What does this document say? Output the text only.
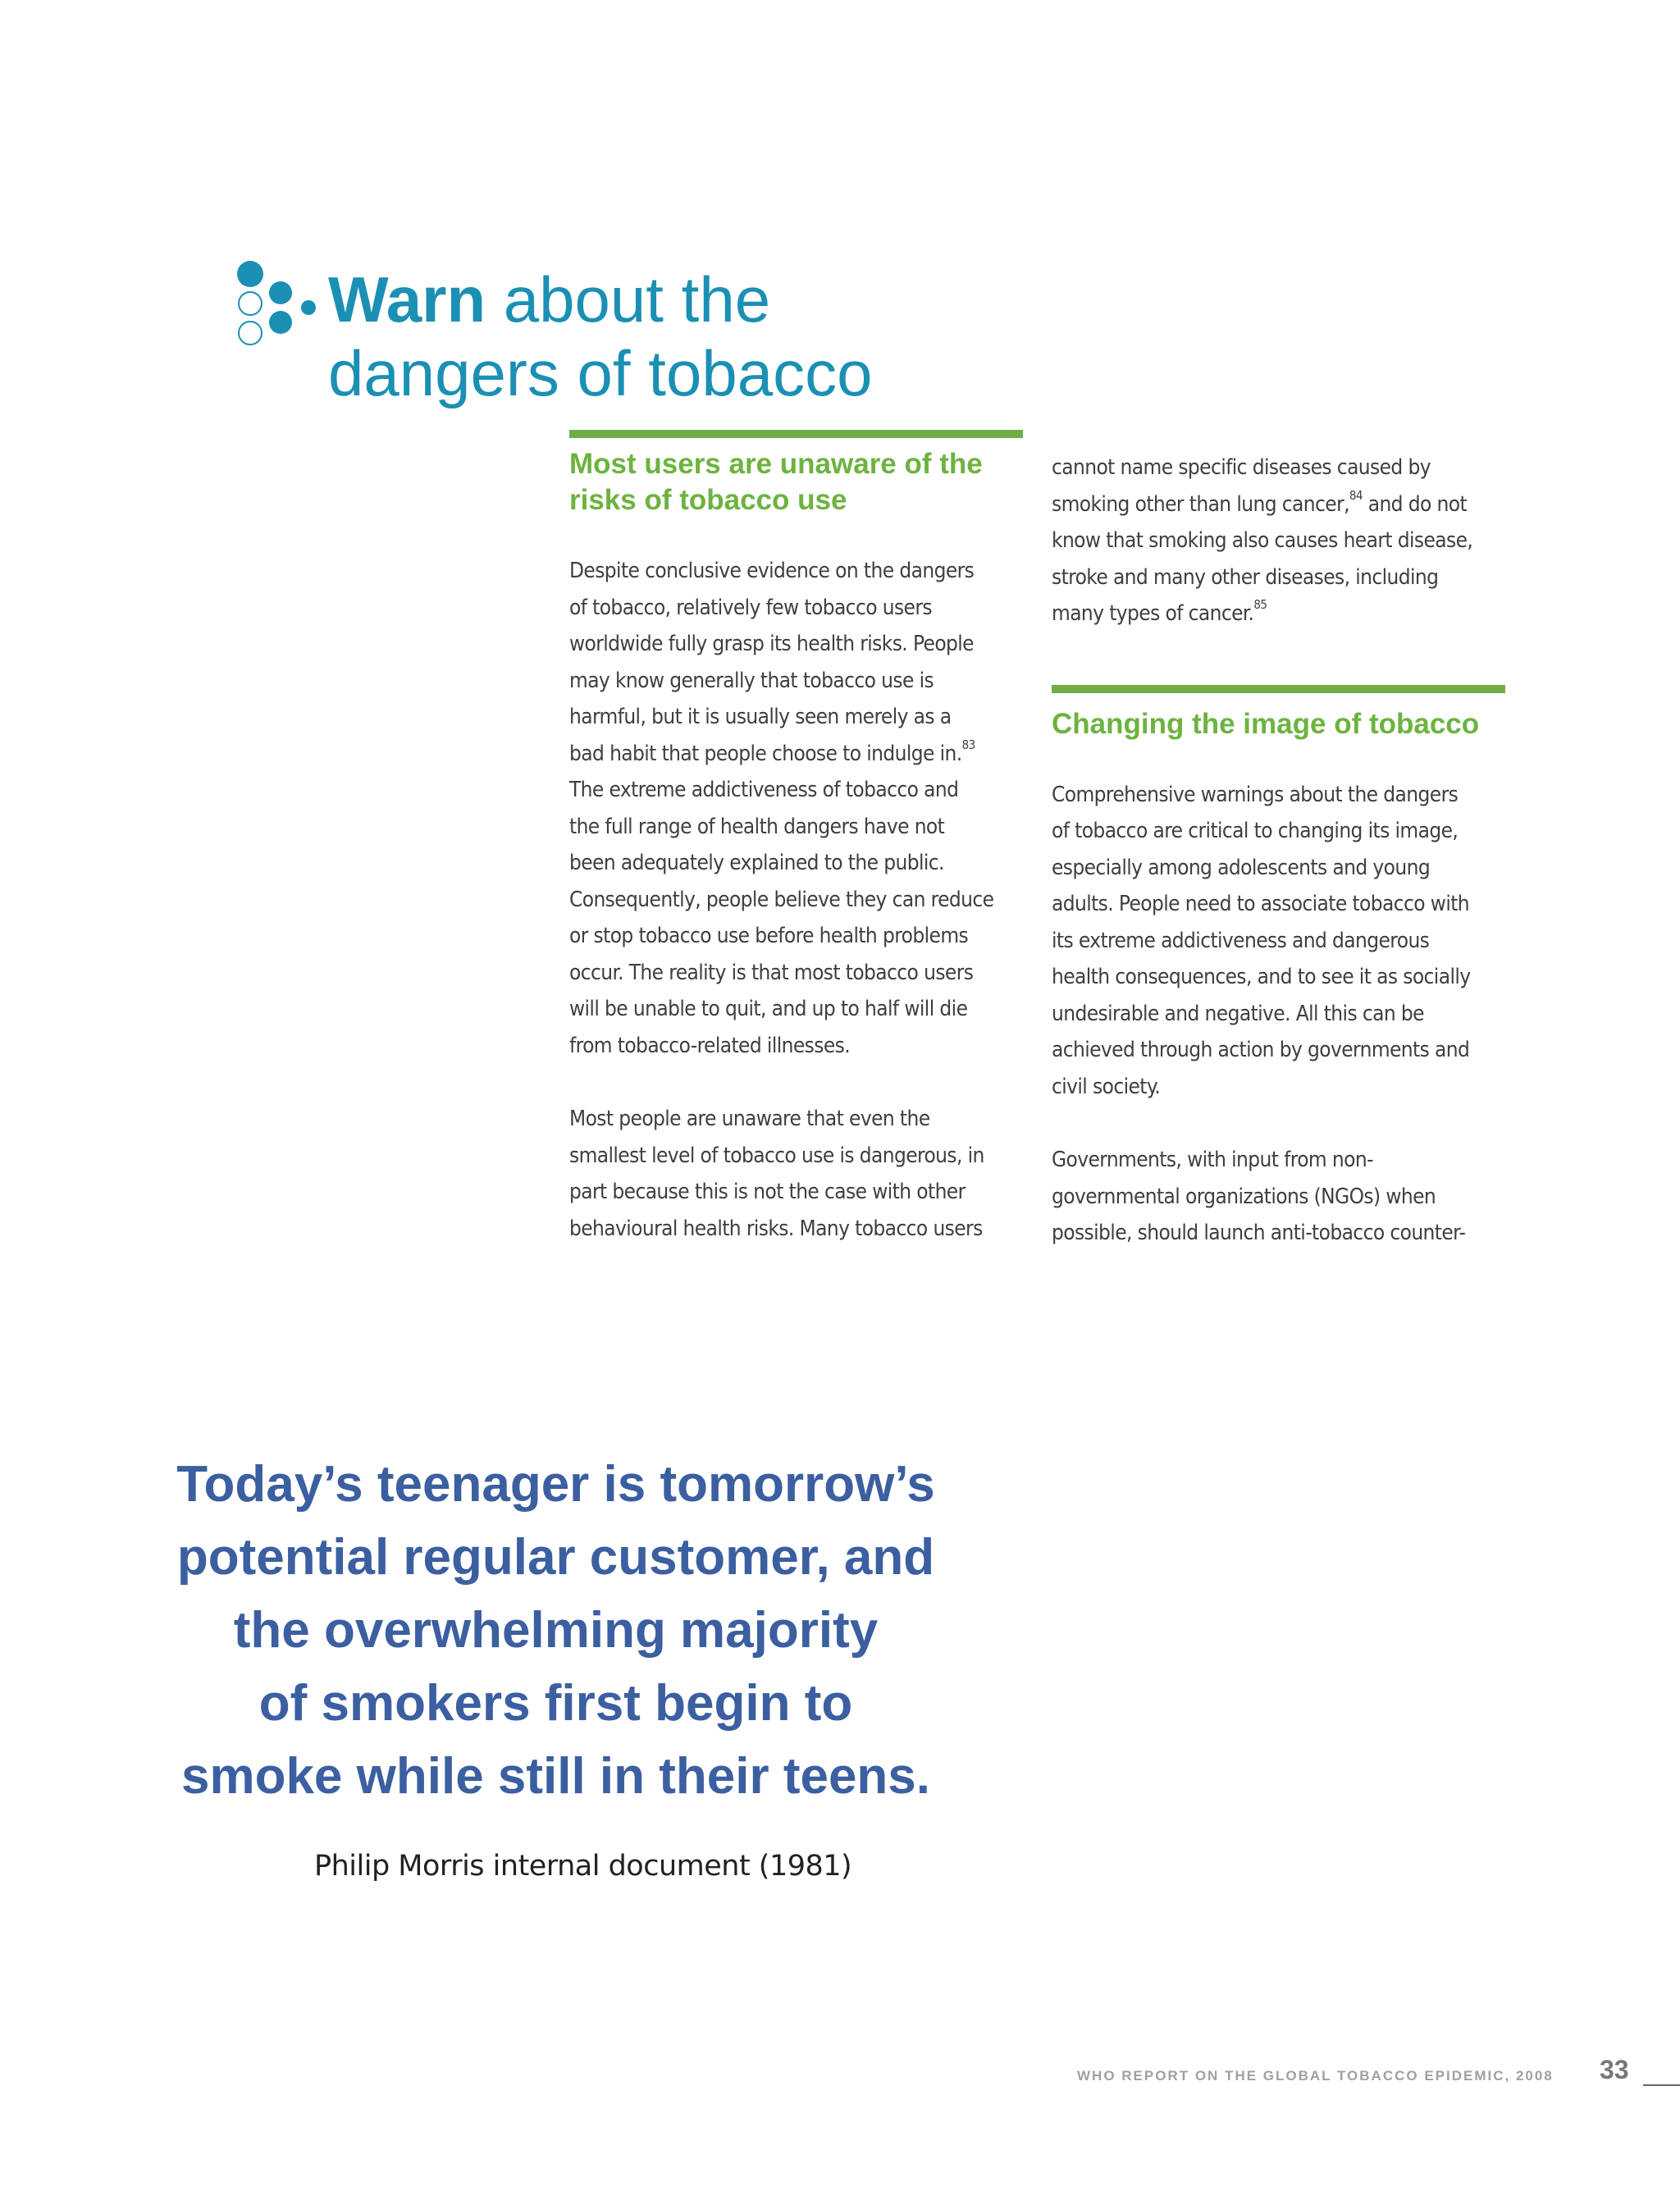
Warn about the
dangers of tobacco
Most users are unaware of the
risks of tobacco use

Despite conclusive evidence on the dangers

of tobacco, relatively few tobacco users

worldwide fully grasp its health risks. People

may know generally that tobacco use is

harmful, but it is usually seen merely as a

bad habit that people choose to indulge in.$^{83}$

The extreme addictiveness of tobacco and

the full range of health dangers have not

been adequately explained to the public.

Consequently, people believe they can reduce

or stop tobacco use before health problems

occur. The reality is that most tobacco users

will be unable to quit, and up to half will die

from tobacco-related illnesses.

Most people are unaware that even the

smallest level of tobacco use is dangerous, in

part because this is not the case with other

behavioural health risks. Many tobacco users

cannot name specific diseases caused by

smoking other than lung cancer,$^{84}$ and do not

know that smoking also causes heart disease,

stroke and many other diseases, including

many types of cancer.$^{85}$

Changing the image of tobacco

Comprehensive warnings about the dangers

of tobacco are critical to changing its image,

especially among adolescents and young

adults. People need to associate tobacco with

its extreme addictiveness and dangerous

health consequences, and to see it as socially

undesirable and negative. All this can be

achieved through action by governments and

civil society.

Governments, with input from non-

governmental organizations (NGOs) when

possible, should launch anti-tobacco counter-

Today’s teenager is tomorrow’s
potential regular customer, and
the overwhelming majority
of smokers first begin to
smoke while still in their teens.
Philip Morris internal document (1981)
WHO REPORT ON THE GLOBAL TOBACCO EPIDEMIC, 2008 33
